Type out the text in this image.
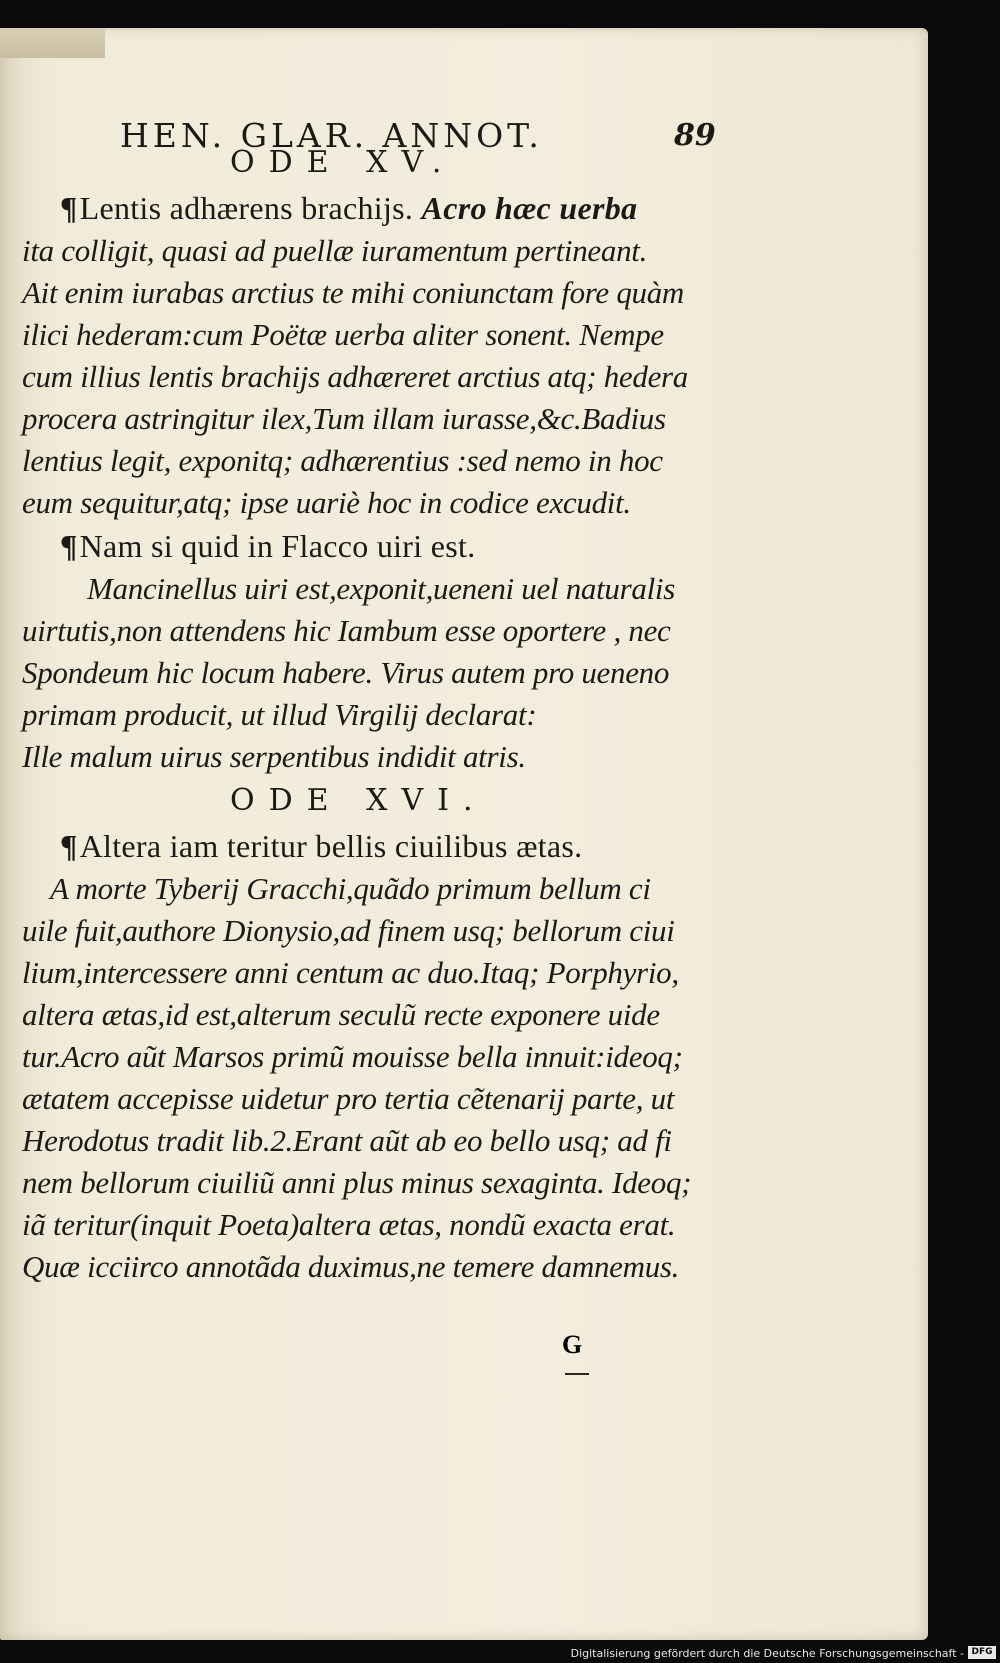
HEN. GLAR. ANNOT.	89
ODE XV.
¶Lentis adhærens brachijs. Acro hæc uerba
ita colligit, quasi ad puellæ iuramentum pertineant.
Ait enim iurabas arctius te mihi coniunctam fore quàm
ilici hederam:cum Poëtæ uerba aliter sonent. Nempe
cum illius lentis brachijs adhæreret arctius atq; hedera
procera astringitur ilex,Tum illam iurasse,&c.Badius
lentius legit, exponitq; adhærentius :sed nemo in hoc
eum sequitur,atq; ipse uariè hoc in codice excudit.
¶Nam si quid in Flacco uiri est.
Mancinellus uiri est,exponit,ueneni uel naturalis
uirtutis,non attendens hic Iambum esse oportere , nec
Spondeum hic locum habere. Virus autem pro ueneno
primam producit, ut illud Virgilij declarat:
Ille malum uirus serpentibus indidit atris.
ODE XVI.
¶Altera iam teritur bellis ciuilibus ætas.
A morte Tyberij Gracchi,quãdo primum bellum ci
uile fuit,authore Dionysio,ad finem usq; bellorum ciui
lium,intercessere anni centum ac duo.Itaq; Porphyrio,
altera ætas,id est,alterum seculũ recte exponere uide
tur.Acro aũt Marsos primũ mouisse bella innuit:ideoq;
ætatem accepisse uidetur pro tertia cẽtenarij parte, ut
Herodotus tradit lib.2.Erant aũt ab eo bello usq; ad fi
nem bellorum ciuiliũ anni plus minus sexaginta. Ideoq;
iã teritur(inquit Poeta)altera ætas, nondũ exacta erat.
Quæ icciirco annotãda duximus,ne temere damnemus.
G
Digitalisierung gefördert durch die Deutsche Forschungsgemeinschaft - DFG
